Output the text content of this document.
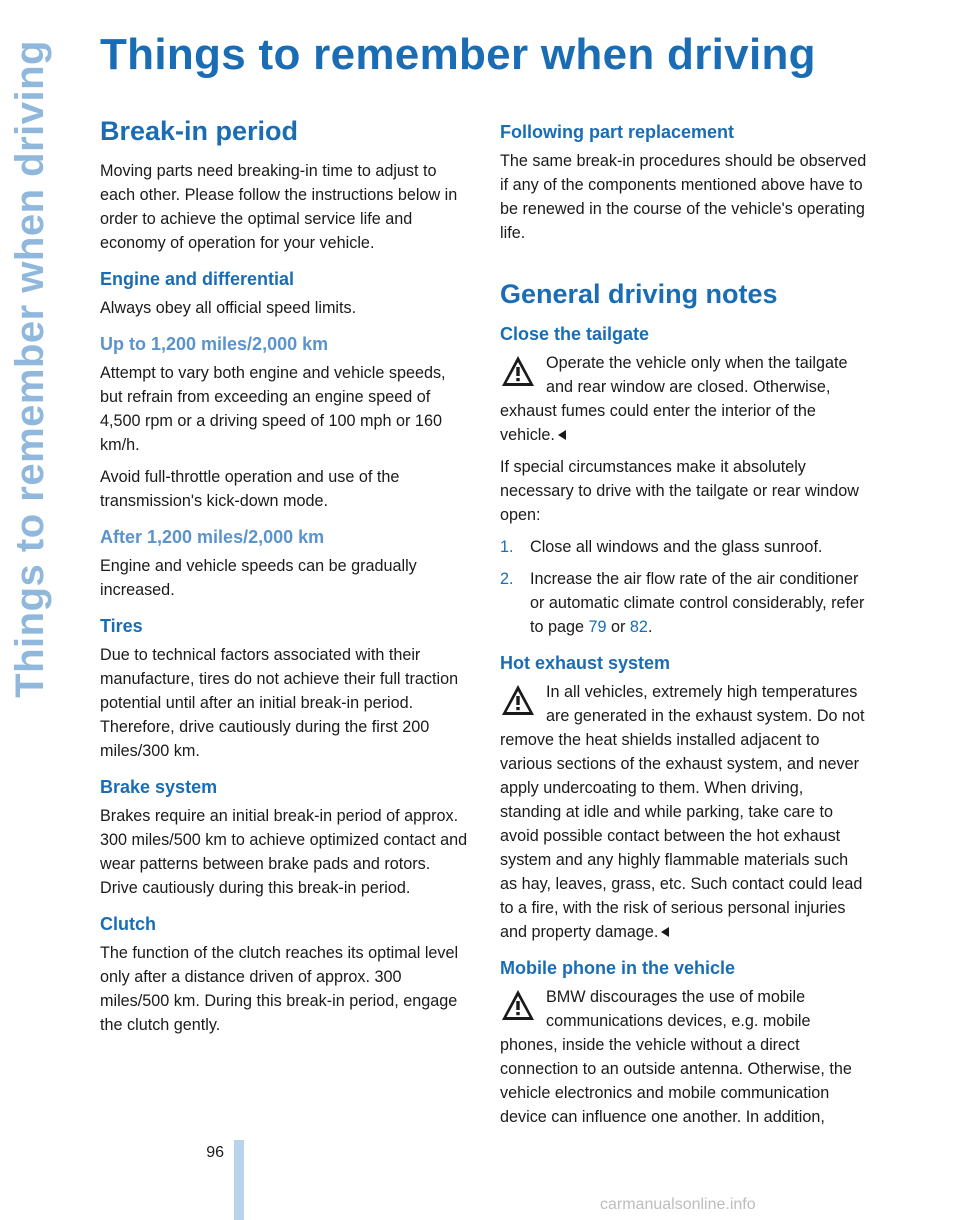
Things to remember when driving Things to remember when driving
Break-in period

Moving parts need breaking-in time to adjust to each other. Please follow the instructions below in order to achieve the optimal service life and economy of operation for your vehicle.

Engine and differential

Always obey all official speed limits.

Up to 1,200 miles/2,000 km

Attempt to vary both engine and vehicle speeds, but refrain from exceeding an engine speed of 4,500 rpm or a driving speed of 100 mph or 160 km/h.

Avoid full-throttle operation and use of the transmission's kick-down mode.

After 1,200 miles/2,000 km

Engine and vehicle speeds can be gradually increased.

Tires

Due to technical factors associated with their manufacture, tires do not achieve their full traction potential until after an initial break-in period. Therefore, drive cautiously during the first 200 miles/300 km.

Brake system

Brakes require an initial break-in period of approx. 300 miles/500 km to achieve optimized contact and wear patterns between brake pads and rotors. Drive cautiously during this break-in period.

Clutch

The function of the clutch reaches its optimal level only after a distance driven of approx. 300 miles/500 km. During this break-in period, engage the clutch gently.

Following part replacement

The same break-in procedures should be observed if any of the components mentioned above have to be renewed in the course of the vehicle's operating life.

General driving notes
Close the tailgate

Operate the vehicle only when the tailgate and rear window are closed. Otherwise, exhaust fumes could enter the interior of the vehicle.

If special circumstances make it absolutely necessary to drive with the tailgate or rear window open:

1.	Close all windows and the glass sunroof.
2.	Increase the air flow rate of the air conditioner or automatic climate control considerably, refer to page 79 or 82.
Hot exhaust system

In all vehicles, extremely high temperatures are generated in the exhaust system. Do not remove the heat shields installed adjacent to various sections of the exhaust system, and never apply undercoating to them. When driving, standing at idle and while parking, take care to avoid possible contact between the hot exhaust system and any highly flammable materials such as hay, leaves, grass, etc. Such contact could lead to a fire, with the risk of serious personal injuries and property damage.

Mobile phone in the vehicle

BMW discourages the use of mobile communications devices, e.g. mobile phones, inside the vehicle without a direct connection to an outside antenna. Otherwise, the vehicle electronics and mobile communication device can influence one another. In addition,

96
carmanualsonline.info
